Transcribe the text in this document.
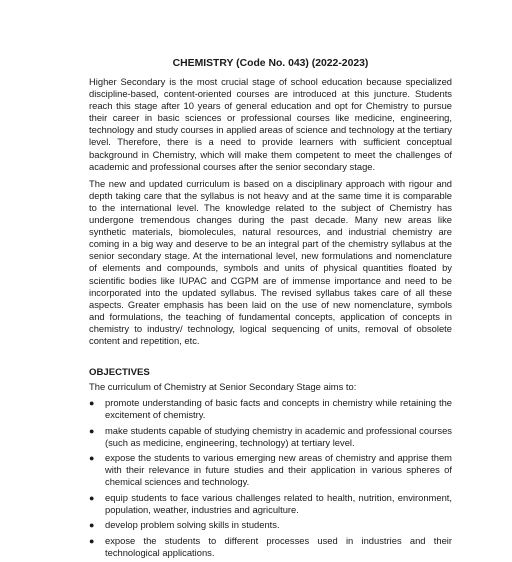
CHEMISTRY (Code No. 043) (2022-2023)

Higher Secondary is the most crucial stage of school education because specialized discipline-based, content-oriented courses are introduced at this juncture. Students reach this stage after 10 years of general education and opt for Chemistry to pursue their career in basic sciences or professional courses like medicine, engineering, technology and study courses in applied areas of science and technology at the tertiary level. Therefore, there is a need to provide learners with sufficient conceptual background in Chemistry, which will make them competent to meet the challenges of academic and professional courses after the senior secondary stage.

The new and updated curriculum is based on a disciplinary approach with rigour and depth taking care that the syllabus is not heavy and at the same time it is comparable to the international level. The knowledge related to the subject of Chemistry has undergone tremendous changes during the past decade. Many new areas like synthetic materials, biomolecules, natural resources, and industrial chemistry are coming in a big way and deserve to be an integral part of the chemistry syllabus at the senior secondary stage. At the international level, new formulations and nomenclature of elements and compounds, symbols and units of physical quantities floated by scientific bodies like IUPAC and CGPM are of immense importance and need to be incorporated into the updated syllabus. The revised syllabus takes care of all these aspects. Greater emphasis has been laid on the use of new nomenclature, symbols and formulations, the teaching of fundamental concepts, application of concepts in chemistry to industry/ technology, logical sequencing of units, removal of obsolete content and repetition, etc.

OBJECTIVES
The curriculum of Chemistry at Senior Secondary Stage aims to:
● promote understanding of basic facts and concepts in chemistry while retaining the excitement of chemistry.
● make students capable of studying chemistry in academic and professional courses (such as medicine, engineering, technology) at tertiary level.
● expose the students to various emerging new areas of chemistry and apprise them with their relevance in future studies and their application in various spheres of chemical sciences and technology.
● equip students to face various challenges related to health, nutrition, environment, population, weather, industries and agriculture.
● develop problem solving skills in students.
● expose the students to different processes used in industries and their technological applications.
